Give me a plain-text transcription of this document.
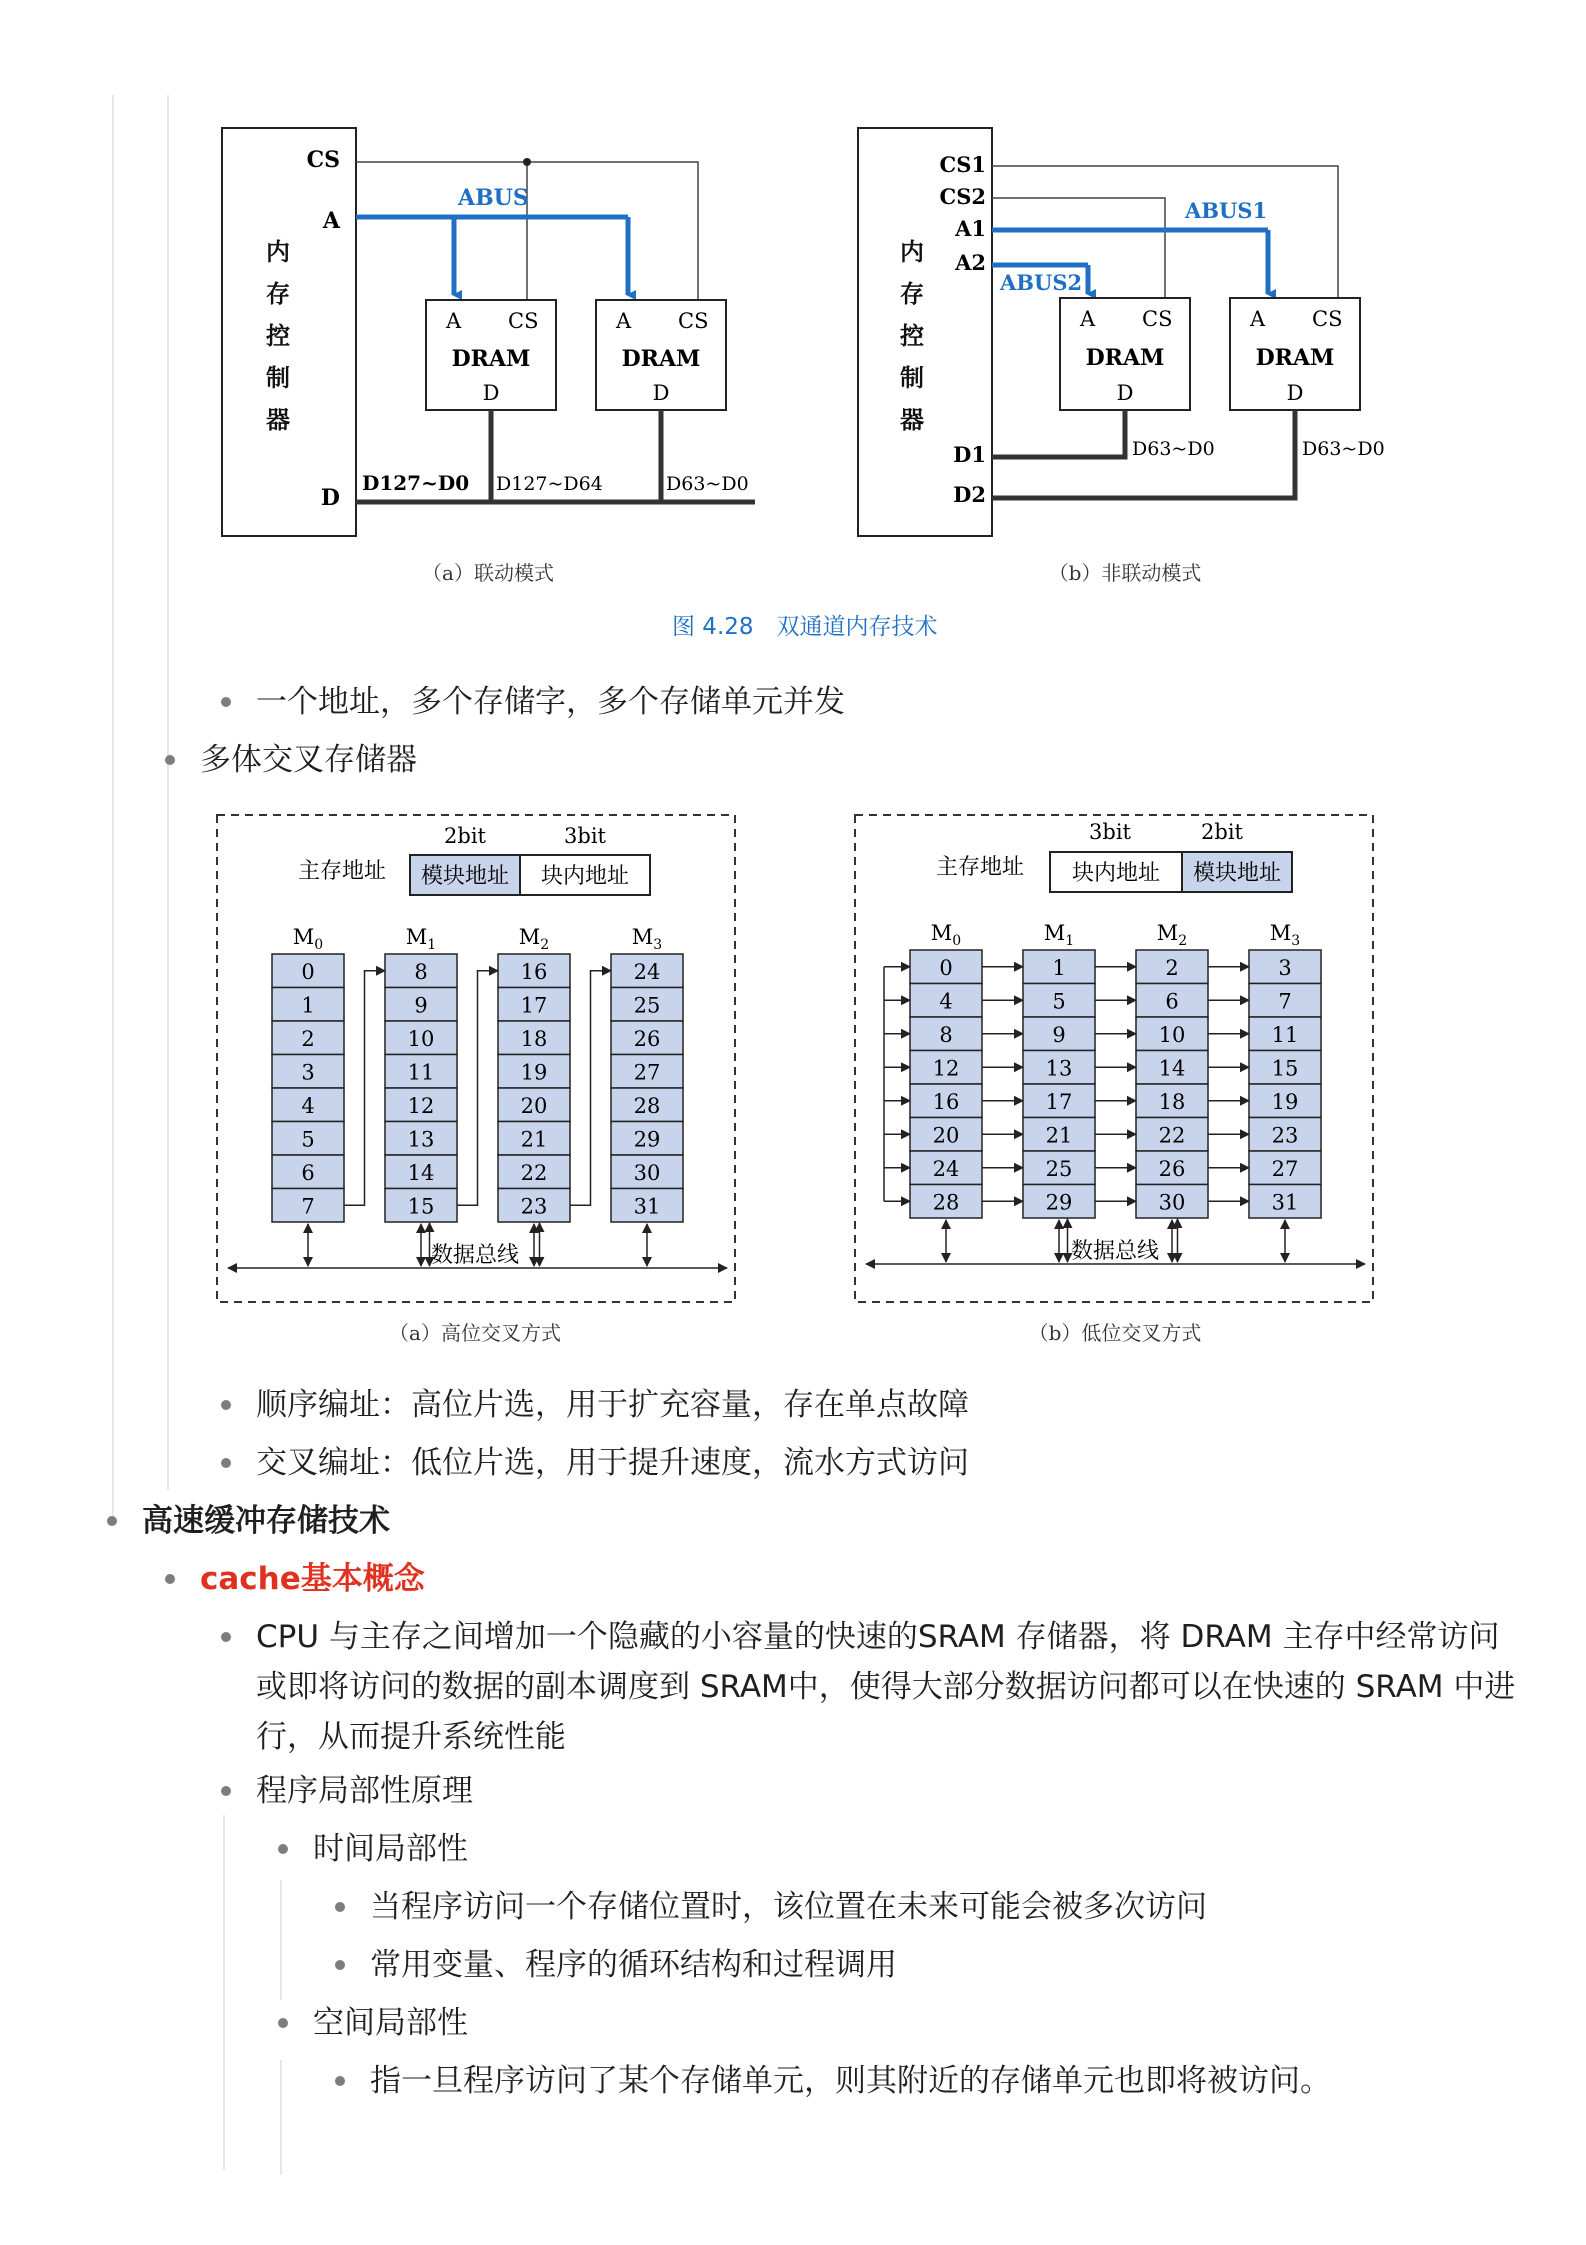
内存控制器
CS
A
D
ABUS
A CS
DRAM
D
A CS
DRAM
D
D127~D0 D127~D64	D63~D0
（a）联动模式
内存控制器
CS1
CS2
A1
A2
D1
D2
ABUS1
ABUS2
A CS
DRAM
D
A CS
DRAM
D
D63~D0	D63~D0
（b）非联动模式
图 4.28　双通道内存技术
一个地址，多个存储字，多个存储单元并发
多体交叉存储器
2bit	3bit
主存地址 模块地址 块内地址
$M_0$
0
1
2
3
4
5
6
7
$M_1$
8
9
10
11
12
13
14
15
$M_2$
16
17
18
19
20
21
22
23
$M_3$
24
25
26
27
28
29
30
31
数据总线
（a）高位交叉方式
3bit	2bit
主存地址 块内地址 模块地址
$M_0$
0
4
8
12
16
20
24
28
$M_1$
1
5
9
13
17
21
25
29
$M_2$
2
6
10
14
18
22
26
30
$M_3$
3
7
11
15
19
23
27
31
数据总线
（b）低位交叉方式
顺序编址：高位片选，用于扩充容量，存在单点故障
交叉编址：低位片选，用于提升速度，流水方式访问
高速缓冲存储技术
cache基本概念
CPU 与主存之间增加一个隐藏的小容量的快速的SRAM 存储器，将 DRAM 主存中经常访问或即将访问的数据的副本调度到 SRAM中，使得大部分数据访问都可以在快速的 SRAM 中进行，从而提升系统性能
程序局部性原理
时间局部性
当程序访问一个存储位置时，该位置在未来可能会被多次访问
常用变量、程序的循环结构和过程调用
空间局部性
指一旦程序访问了某个存储单元，则其附近的存储单元也即将被访问。
